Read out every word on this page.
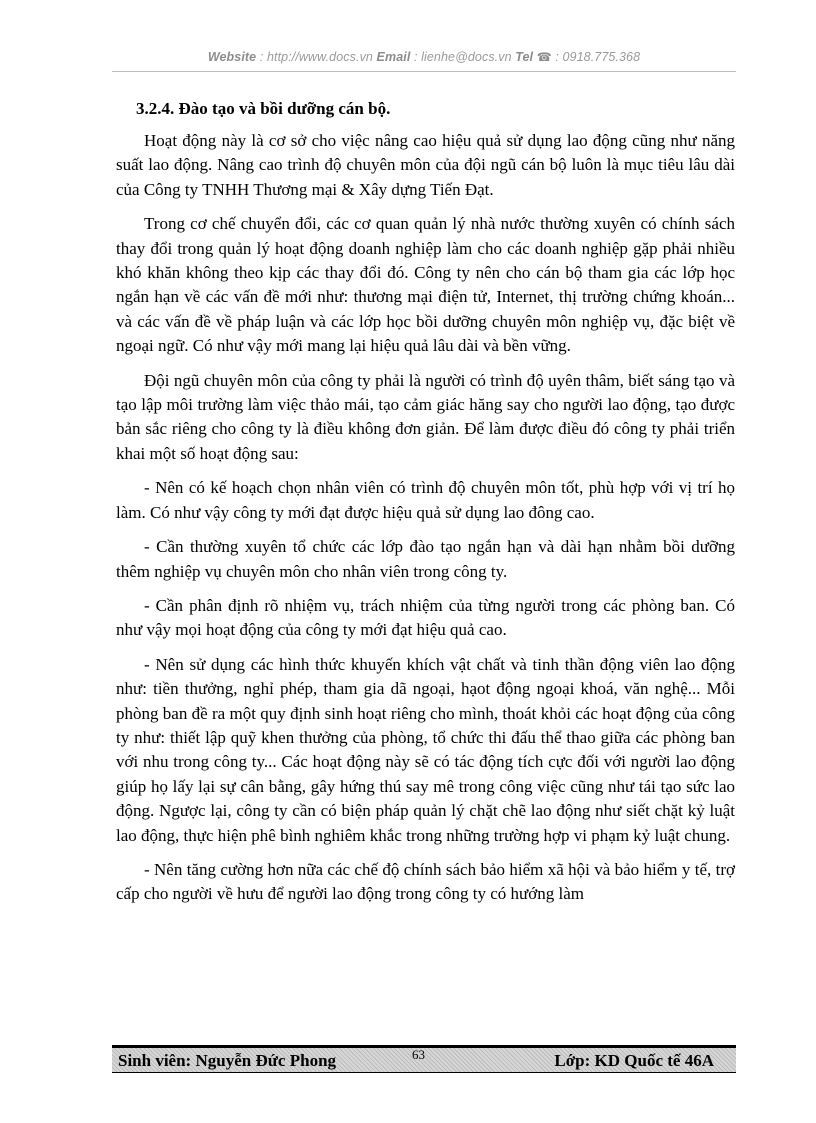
Website : http://www.docs.vn Email : lienhe@docs.vn Tel ☎ : 0918.775.368
3.2.4. Đào tạo và bồi dưỡng cán bộ.

Hoạt động này là cơ sở cho việc nâng cao hiệu quả sử dụng lao động cũng như năng suất lao động. Nâng cao trình độ chuyên môn của đội ngũ cán bộ luôn là mục tiêu lâu dài của Công ty TNHH Thương mại & Xây dựng Tiến Đạt.

Trong cơ chế chuyển đổi, các cơ quan quản lý nhà nước thường xuyên có chính sách thay đổi trong quản lý hoạt động doanh nghiệp làm cho các doanh nghiệp gặp phải nhiều khó khăn không theo kịp các thay đổi đó. Công ty nên cho cán bộ tham gia các lớp học ngắn hạn về các vấn đề mới như: thương mại điện tử, Internet, thị trường chứng khoán... và các vấn đề về pháp luận và các lớp học bồi dưỡng chuyên môn nghiệp vụ, đặc biệt về ngoại ngữ. Có như vậy mới mang lại hiệu quả lâu dài và bền vững.

Đội ngũ chuyên môn của công ty phải là người có trình độ uyên thâm, biết sáng tạo và tạo lập môi trường làm việc thảo mái, tạo cảm giác hăng say cho người lao động, tạo được bản sắc riêng cho công ty là điều không đơn giản. Để làm được điều đó công ty phải triển khai một số hoạt động sau:

- Nên có kế hoạch chọn nhân viên có trình độ chuyên môn tốt, phù hợp với vị trí họ làm. Có như vậy công ty mới đạt được hiệu quả sử dụng lao đông cao.

- Cần thường xuyên tổ chức các lớp đào tạo ngắn hạn và dài hạn nhằm bồi dưỡng thêm nghiệp vụ chuyên môn cho nhân viên trong công ty.

- Cần phân định rõ nhiệm vụ, trách nhiệm của từng người trong các phòng ban. Có như vậy mọi hoạt động của công ty mới đạt hiệu quả cao.

- Nên sử dụng các hình thức khuyến khích vật chất và tinh thần động viên lao động như: tiền thưởng, nghỉ phép, tham gia dã ngoại, hạot động ngoại khoá, văn nghệ... Mỗi phòng ban đề ra một quy định sinh hoạt riêng cho mình, thoát khỏi các hoạt động của công ty như: thiết lập quỹ khen thưởng của phòng, tổ chức thi đấu thể thao giữa các phòng ban với nhu trong công ty... Các hoạt động này sẽ có tác động tích cực đối với người lao động giúp họ lấy lại sự cân bằng, gây hứng thú say mê trong công việc cũng như tái tạo sức lao động. Ngược lại, công ty cần có biện pháp quản lý chặt chẽ lao động như siết chặt kỷ luật lao động, thực hiện phê bình nghiêm khắc trong những trường hợp vi phạm kỷ luật chung.

- Nên tăng cường hơn nữa các chế độ chính sách bảo hiểm xã hội và bảo hiểm y tế, trợ cấp cho người về hưu để người lao động trong công ty có hướng làm

Sinh viên: Nguyễn Đức Phong	63	Lớp: KD Quốc tế 46A
